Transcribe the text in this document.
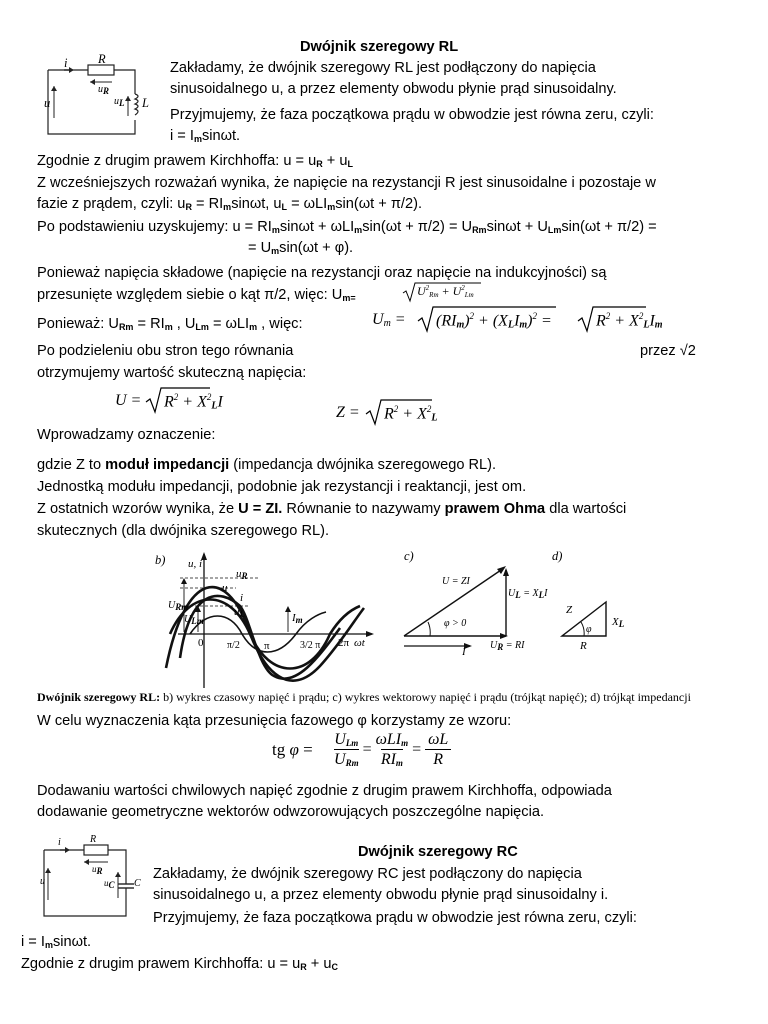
Dwójnik szeregowy RL
i R
$u_R$
u	$u_L$ L
Zakładamy, że dwójnik szeregowy RL jest podłączony do napięcia
sinusoidalnego u, a przez elementy obwodu płynie prąd sinusoidalny.
Przyjmujemy, że faza początkowa prądu w obwodzie jest równa zeru, czyli:
$i = I_m\sin\omega t$.
Zgodnie z drugim prawem Kirchhoffa: $u = u_R + u_L$
Z wcześniejszych rozważań wynika, że napięcie na rezystancji R jest sinusoidalne i pozostaje w
fazie z prądem, czyli: $u_R = RI_m\sin\omega t$, $u_L = \omega LI_m\sin(\omega t + \pi/2)$.
Po podstawieniu uzyskujemy: $u = RI_m\sin\omega t + \omega LI_m\sin(\omega t + \pi/2) = U_{Rm}\sin\omega t + U_{Lm}\sin(\omega t + \pi/2)$ =
= $U_m\sin(\omega t + \varphi)$.
Ponieważ napięcia składowe (napięcie na rezystancji oraz napięcie na indukcyjności) są
przesunięte względem siebie o kąt π/2, więc: $U_{m=}$	$U^2_{Rm} + U^2_{Lm}$
Ponieważ: $U_{Rm} = RI_m$ , $U_{Lm} = \omega LI_m$ , więc:	$U_m = (RI_m)^2 + (X_LI_m)^2$ =	$R^2 + X^2_LI_m$
Po podzieleniu obu stron tego równania	przez √2
otrzymujemy wartość skuteczną napięcia:
$U = R^2 + X^2_LI$
$Z = R^2 + X^2_L$
Wprowadzamy oznaczenie:
gdzie Z to moduł impedancji (impedancja dwójnika szeregowego RL).
Jednostką modułu impedancji, podobnie jak rezystancji i reaktancji, jest om.
Z ostatnich wzorów wynika, że U = ZI. Równanie to nazywamy prawem Ohma dla wartości
skutecznych (dla dwójnika szeregowego RL).
b) u, i
$u_R$
u
i
$u_L$	$I_m$
$U_{Rm}$
$U_{Lm}$
0 π/2 π	3/2 π 2π ωt
c)
U = ZI
$U_L = X_LI$
φ > 0
I
$U_R$ = RI
d)
Z
φ
$X_L$
R
Dwójnik szeregowy RL: b) wykres czasowy napięć i prądu; c) wykres wektorowy napięć i prądu (trójkąt napięć); d) trójkąt impedancji
W celu wyznaczenia kąta przesunięcia fazowego φ korzystamy ze wzoru:
tg φ =
$U_{Lm}$
$U_{Rm} = \omega LI_m$
$RI_m = \omega L$
R
Dodawaniu wartości chwilowych napięć zgodnie z drugim prawem Kirchhoffa, odpowiada
dodawanie geometryczne wektorów odwzorowujących poszczególne napięcia.
Dwójnik szeregowy RC
i	R
$u_R$
u	$u_C$ C
Zakładamy, że dwójnik szeregowy RC jest podłączony do napięcia
sinusoidalnego u, a przez elementy obwodu płynie prąd sinusoidalny i.
Przyjmujemy, że faza początkowa prądu w obwodzie jest równa zeru, czyli:
$i = I_m\sin\omega t$.
Zgodnie z drugim prawem Kirchhoffa: $u = u_R + u_C$
